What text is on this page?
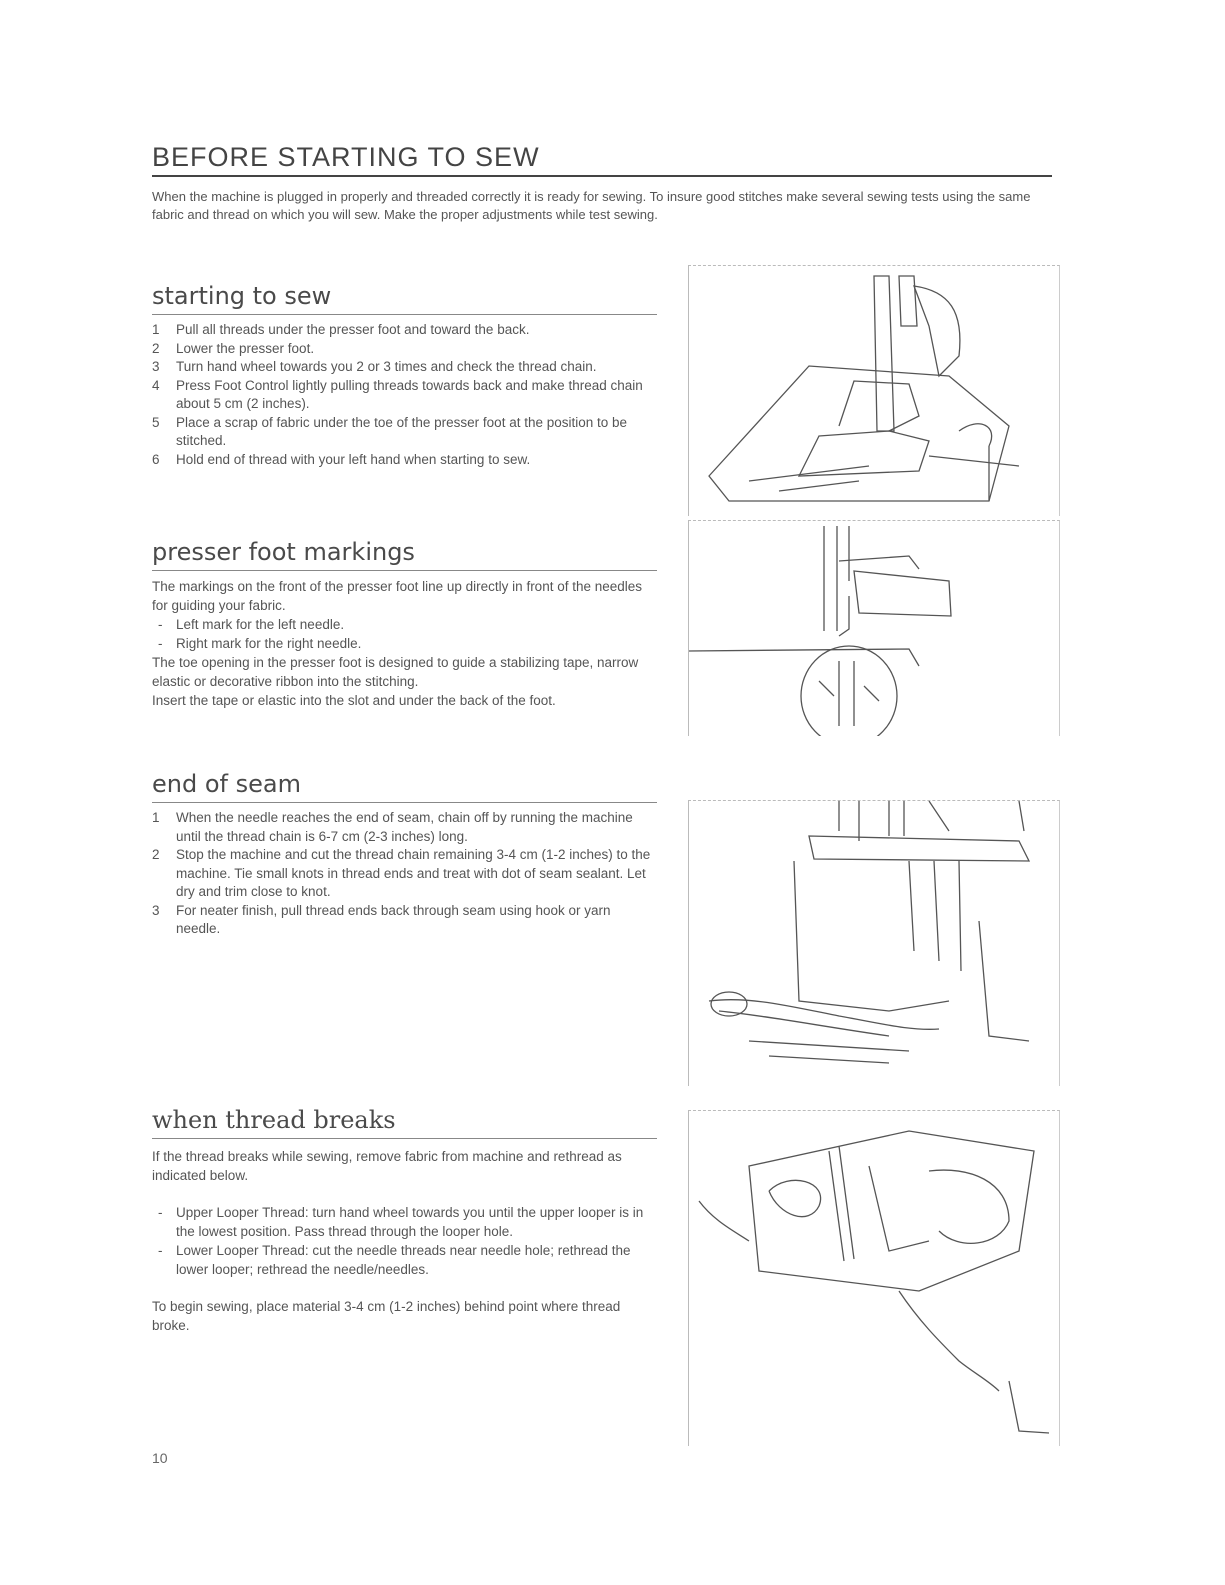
BEFORE STARTING TO SEW

When the machine is plugged in properly and threaded correctly it is ready for sewing. To insure good stitches make several sewing tests using the same fabric and thread on which you will sew. Make the proper adjustments while test sewing.

starting to sew
1 Pull all threads under the presser foot and toward the back.
2 Lower the presser foot.
3 Turn hand wheel towards you 2 or 3 times and check the thread chain.
4 Press Foot Control lightly pulling threads towards back and make thread chain about 5 cm (2 inches).
5 Place a scrap of fabric under the toe of the presser foot at the position to be stitched.
6 Hold end of thread with your left hand when starting to sew.
presser foot markings

The markings on the front of the presser foot line up directly in front of the needles for guiding your fabric.

- Left mark for the left needle.
- Right mark for the right needle.

The toe opening in the presser foot is designed to guide a stabilizing tape, narrow elastic or decorative ribbon into the stitching.

Insert the tape or elastic into the slot and under the back of the foot.

end of seam
1 When the needle reaches the end of seam, chain off by running the machine until the thread chain is 6-7 cm (2-3 inches) long.
2 Stop the machine and cut the thread chain remaining 3-4 cm (1-2 inches) to the machine. Tie small knots in thread ends and treat with dot of seam sealant. Let dry and trim close to knot.
3 For neater finish, pull thread ends back through seam using hook or yarn needle.
when thread breaks

If the thread breaks while sewing, remove fabric from machine and rethread as indicated below.

- Upper Looper Thread: turn hand wheel towards you until the upper looper is in the lowest position. Pass thread through the looper hole.
- Lower Looper Thread: cut the needle threads near needle hole; rethread the lower looper; rethread the needle/needles.

To begin sewing, place material 3-4 cm (1-2 inches) behind point where thread broke.

10
